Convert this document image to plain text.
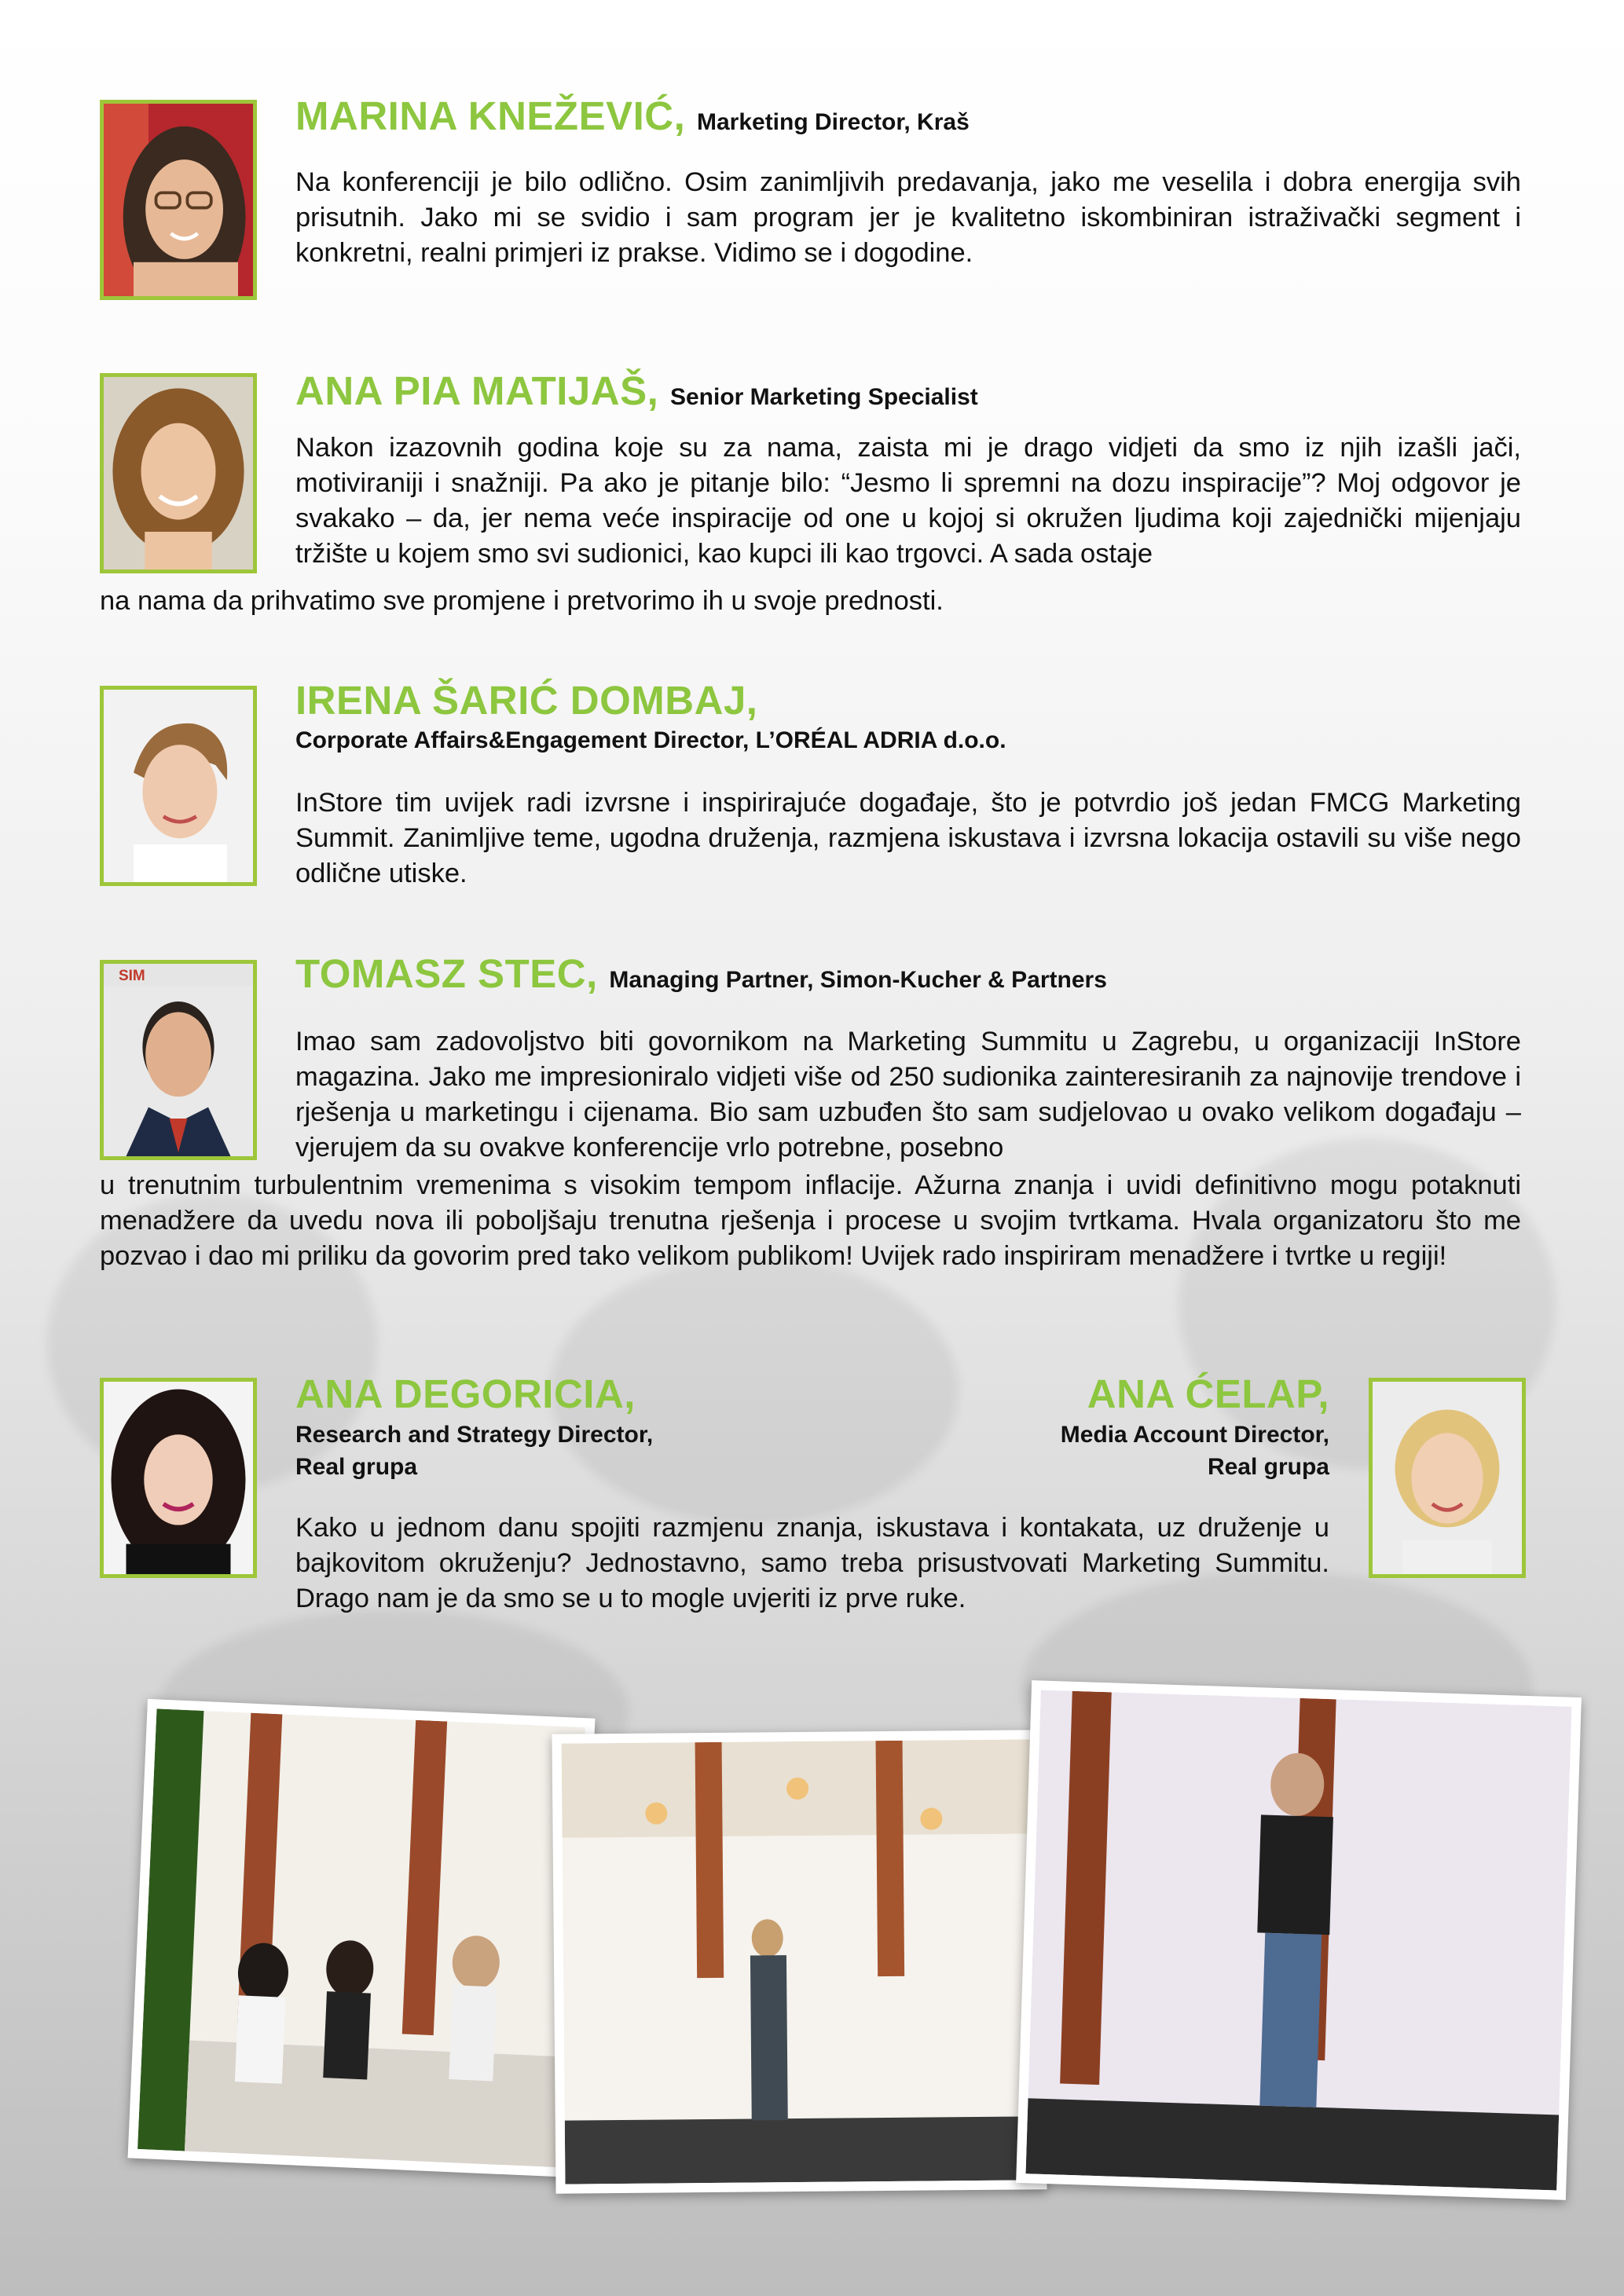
MARINA KNEŽEVIĆ, Marketing Director, Kraš

Na konferenciji je bilo odlično. Osim zanimljivih predavanja, jako me veselila i dobra energija svih prisutnih. Jako mi se svidio i sam program jer je kvalitetno iskombiniran istraživački segment i konkretni, realni primjeri iz prakse. Vidimo se i dogodine.

ANA PIA MATIJAŠ, Senior Marketing Specialist

Nakon izazovnih godina koje su za nama, zaista mi je drago vidjeti da smo iz njih izašli jači, motiviraniji i snažniji. Pa ako je pitanje bilo: “Jesmo li spremni na dozu inspiracije”? Moj odgovor je svakako – da, jer nema veće inspiracije od one u kojoj si okružen ljudima koji zajednički mijenjaju tržište u kojem smo svi sudionici, kao kupci ili kao trgovci. A sada ostaje

na nama da prihvatimo sve promjene i pretvorimo ih u svoje prednosti.

IRENA ŠARIĆ DOMBAJ,
Corporate Affairs&Engagement Director, L’ORÉAL ADRIA d.o.o.

InStore tim uvijek radi izvrsne i inspirirajuće događaje, što je potvrdio još jedan FMCG Marketing Summit. Zanimljive teme, ugodna druženja, razmjena iskustava i izvrsna lokacija ostavili su više nego odlične utiske.

SIM	TOMASZ STEC, Managing Partner, Simon-Kucher & Partners

Imao sam zadovoljstvo biti govornikom na Marketing Summitu u Zagrebu, u organizaciji InStore magazina. Jako me impresioniralo vidjeti više od 250 sudionika zainteresiranih za najnovije trendove i rješenja u marketingu i cijenama. Bio sam uzbuđen što sam sudjelovao u ovako velikom događaju – vjerujem da su ovakve konferencije vrlo potrebne, posebno

u trenutnim turbulentnim vremenima s visokim tempom inflacije. Ažurna znanja i uvidi definitivno mogu potaknuti menadžere da uvedu nova ili poboljšaju trenutna rješenja i procese u svojim tvrtkama. Hvala organizatoru što me pozvao i dao mi priliku da govorim pred tako velikom publikom! Uvijek rado inspiriram menadžere i tvrtke u regiji!

ANA DEGORICIA,
Research and Strategy Director,
Real grupa
ANA ĆELAP,
Media Account Director,
Real grupa

Kako u jednom danu spojiti razmjenu znanja, iskustava i kontakata, uz druženje u bajkovitom okruženju? Jednostavno, samo treba prisustvovati Marketing Summitu. Drago nam je da smo se u to mogle uvjeriti iz prve ruke.
